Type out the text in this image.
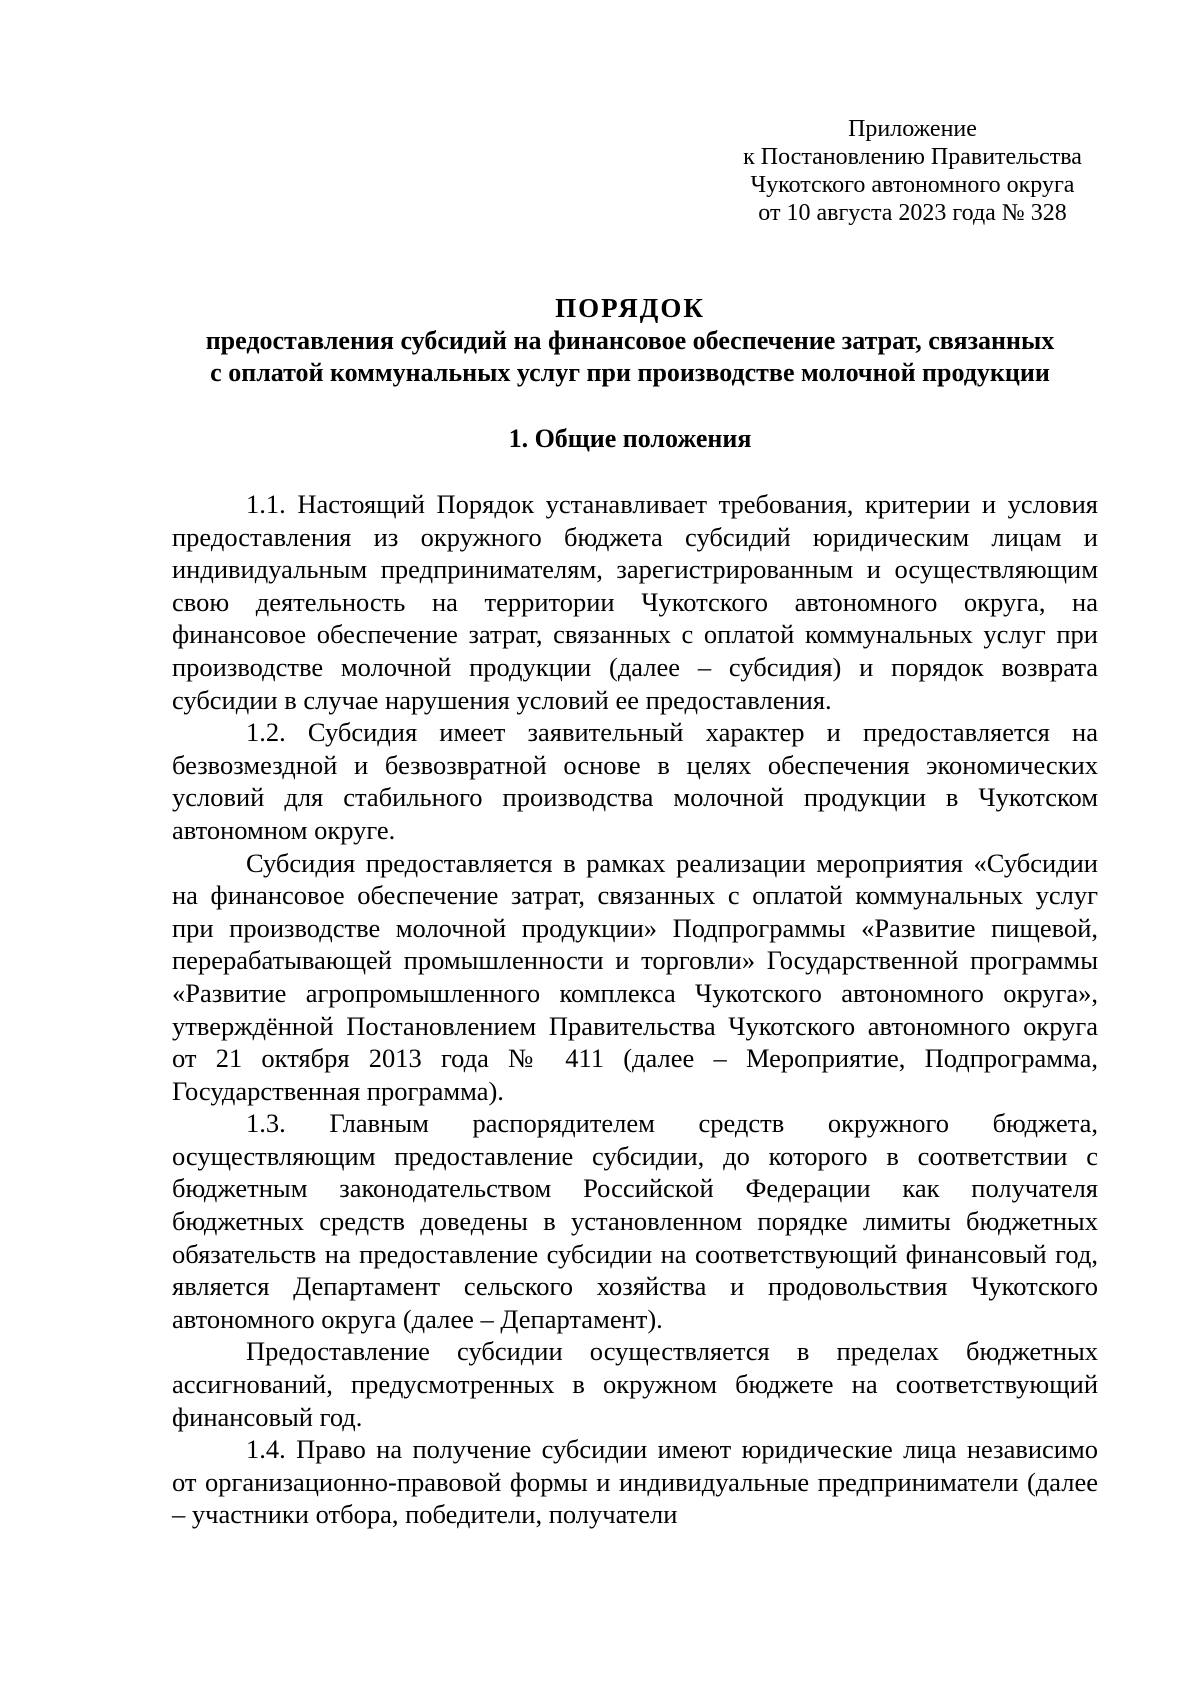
Приложение
к Постановлению Правительства
Чукотского автономного округа
от 10 августа 2023 года № 328
ПОРЯДОК
предоставления субсидий на финансовое обеспечение затрат, связанных
с оплатой коммунальных услуг при производстве молочной продукции
1. Общие положения

1.1. Настоящий Порядок устанавливает требования, критерии и условия предоставления из окружного бюджета субсидий юридическим лицам и индивидуальным предпринимателям, зарегистрированным и осуществляющим свою деятельность на территории Чукотского автономного округа, на финансовое обеспечение затрат, связанных с оплатой коммунальных услуг при производстве молочной продукции (далее – субсидия) и порядок возврата субсидии в случае нарушения условий ее предоставления.

1.2. Субсидия имеет заявительный характер и предоставляется на безвозмездной и безвозвратной основе в целях обеспечения экономических условий для стабильного производства молочной продукции в Чукотском автономном округе.

Субсидия предоставляется в рамках реализации мероприятия «Субсидии на финансовое обеспечение затрат, связанных с оплатой коммунальных услуг при производстве молочной продукции» Подпрограммы «Развитие пищевой, перерабатывающей промышленности и торговли» Государственной программы «Развитие агропромышленного комплекса Чукотского автономного округа», утверждённой Постановлением Правительства Чукотского автономного округа от 21 октября 2013 года № 411 (далее – Мероприятие, Подпрограмма, Государственная программа).

1.3. Главным распорядителем средств окружного бюджета, осуществляющим предоставление субсидии, до которого в соответствии с бюджетным законодательством Российской Федерации как получателя бюджетных средств доведены в установленном порядке лимиты бюджетных обязательств на предоставление субсидии на соответствующий финансовый год, является Департамент сельского хозяйства и продовольствия Чукотского автономного округа (далее – Департамент).

Предоставление субсидии осуществляется в пределах бюджетных ассигнований, предусмотренных в окружном бюджете на соответствующий финансовый год.

1.4. Право на получение субсидии имеют юридические лица независимо от организационно-правовой формы и индивидуальные предприниматели (далее – участники отбора, победители, получатели
